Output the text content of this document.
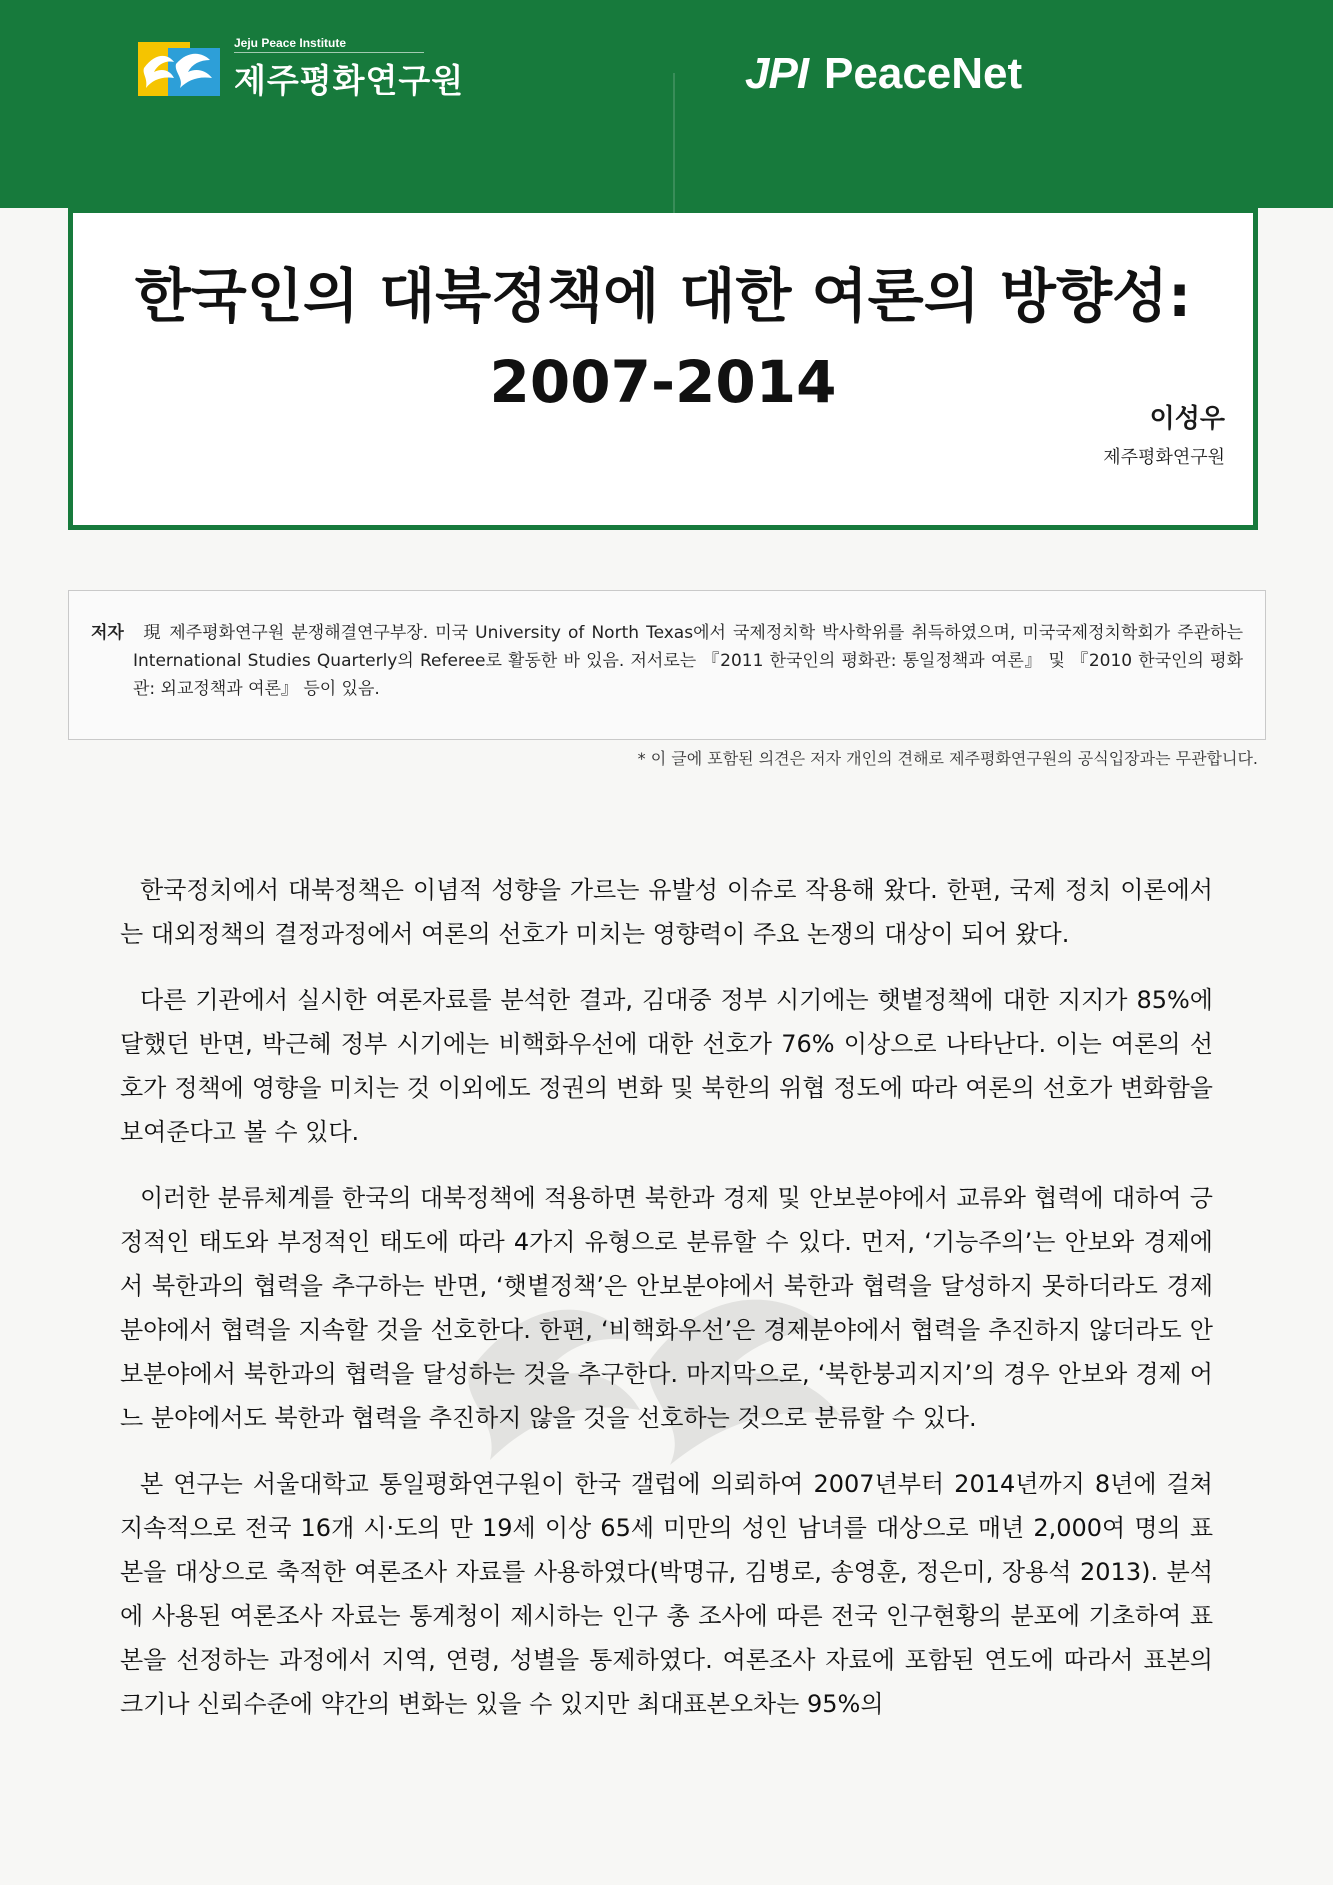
한국인의 대북정책에 대한 여론의 방향성:
2007-2014
이성우
제주평화연구원
Jeju Peace Institute
제주평화연구원	JPI PeaceNet
저자 現 제주평화연구원 분쟁해결연구부장. 미국 University of North Texas에서 국제정치학 박사학위를 취득하였으며, 미국국제정치학회가 주관하는 International Studies Quarterly의 Referee로 활동한 바 있음. 저서로는 『2011 한국인의 평화관: 통일정책과 여론』 및 『2010 한국인의 평화관: 외교정책과 여론』 등이 있음.
* 이 글에 포함된 의견은 저자 개인의 견해로 제주평화연구원의 공식입장과는 무관합니다.

한국정치에서 대북정책은 이념적 성향을 가르는 유발성 이슈로 작용해 왔다. 한편, 국제 정치 이론에서는 대외정책의 결정과정에서 여론의 선호가 미치는 영향력이 주요 논쟁의 대상이 되어 왔다.

다른 기관에서 실시한 여론자료를 분석한 결과, 김대중 정부 시기에는 햇볕정책에 대한 지지가 85%에 달했던 반면, 박근혜 정부 시기에는 비핵화우선에 대한 선호가 76% 이상으로 나타난다. 이는 여론의 선호가 정책에 영향을 미치는 것 이외에도 정권의 변화 및 북한의 위협 정도에 따라 여론의 선호가 변화함을 보여준다고 볼 수 있다.

이러한 분류체계를 한국의 대북정책에 적용하면 북한과 경제 및 안보분야에서 교류와 협력에 대하여 긍정적인 태도와 부정적인 태도에 따라 4가지 유형으로 분류할 수 있다. 먼저, ‘기능주의’는 안보와 경제에서 북한과의 협력을 추구하는 반면, ‘햇볕정책’은 안보분야에서 북한과 협력을 달성하지 못하더라도 경제분야에서 협력을 지속할 것을 선호한다. 한편, ‘비핵화우선’은 경제분야에서 협력을 추진하지 않더라도 안보분야에서 북한과의 협력을 달성하는 것을 추구한다. 마지막으로, ‘북한붕괴지지’의 경우 안보와 경제 어느 분야에서도 북한과 협력을 추진하지 않을 것을 선호하는 것으로 분류할 수 있다.

본 연구는 서울대학교 통일평화연구원이 한국 갤럽에 의뢰하여 2007년부터 2014년까지 8년에 걸쳐 지속적으로 전국 16개 시·도의 만 19세 이상 65세 미만의 성인 남녀를 대상으로 매년 2,000여 명의 표본을 대상으로 축적한 여론조사 자료를 사용하였다(박명규, 김병로, 송영훈, 정은미, 장용석 2013). 분석에 사용된 여론조사 자료는 통계청이 제시하는 인구 총 조사에 따른 전국 인구현황의 분포에 기초하여 표본을 선정하는 과정에서 지역, 연령, 성별을 통제하였다. 여론조사 자료에 포함된 연도에 따라서 표본의 크기나 신뢰수준에 약간의 변화는 있을 수 있지만 최대표본오차는 95%의
